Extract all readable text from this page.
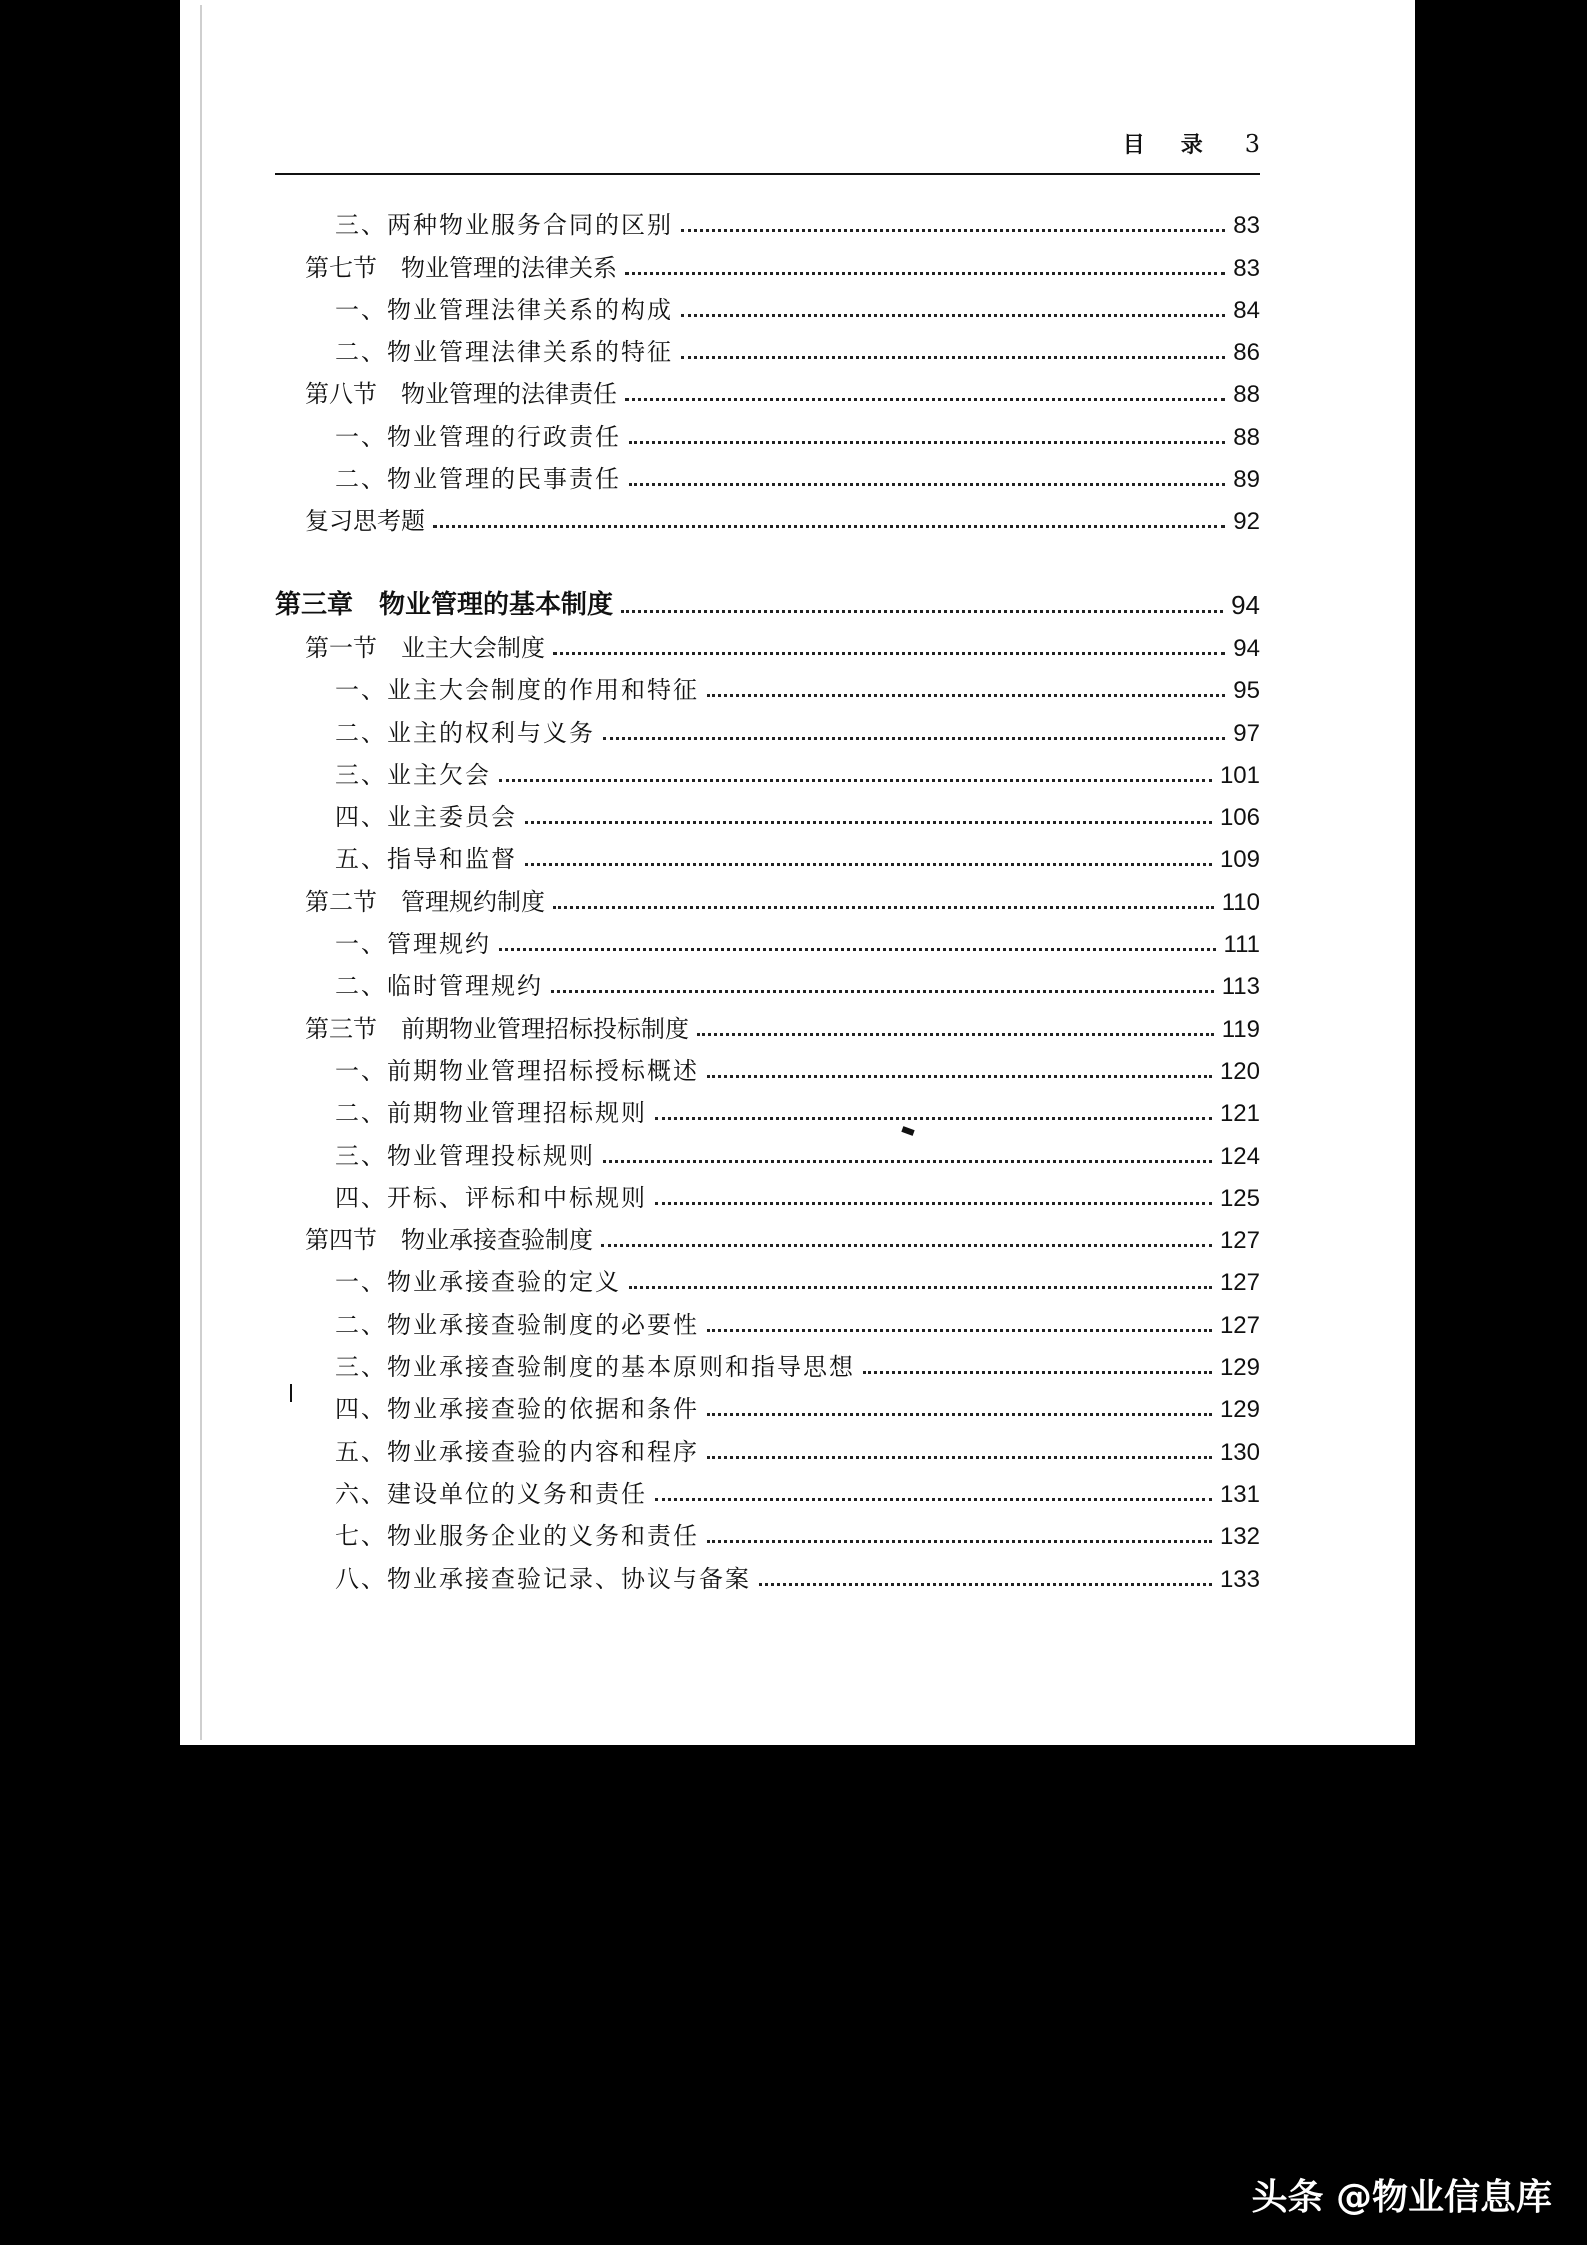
目录 3
三、两种物业服务合同的区别	83
第七节　物业管理的法律关系	83
一、物业管理法律关系的构成	84
二、物业管理法律关系的特征	86
第八节　物业管理的法律责任	88
一、物业管理的行政责任	88
二、物业管理的民事责任	89
复习思考题	92
第三章　物业管理的基本制度	94
第一节　业主大会制度	94
一、业主大会制度的作用和特征	95
二、业主的权利与义务	97
三、业主欠会	101
四、业主委员会	106
五、指导和监督	109
第二节　管理规约制度	110
一、管理规约	111
二、临时管理规约	113
第三节　前期物业管理招标投标制度	119
一、前期物业管理招标授标概述	120
二、前期物业管理招标规则	121
三、物业管理投标规则	124
四、开标、评标和中标规则	125
第四节　物业承接查验制度	127
一、物业承接查验的定义	127
二、物业承接查验制度的必要性	127
三、物业承接查验制度的基本原则和指导思想	129
四、物业承接查验的依据和条件	129
五、物业承接查验的内容和程序	130
六、建设单位的义务和责任	131
七、物业服务企业的义务和责任	132
八、物业承接查验记录、协议与备案	133
头条 @物业信息库
